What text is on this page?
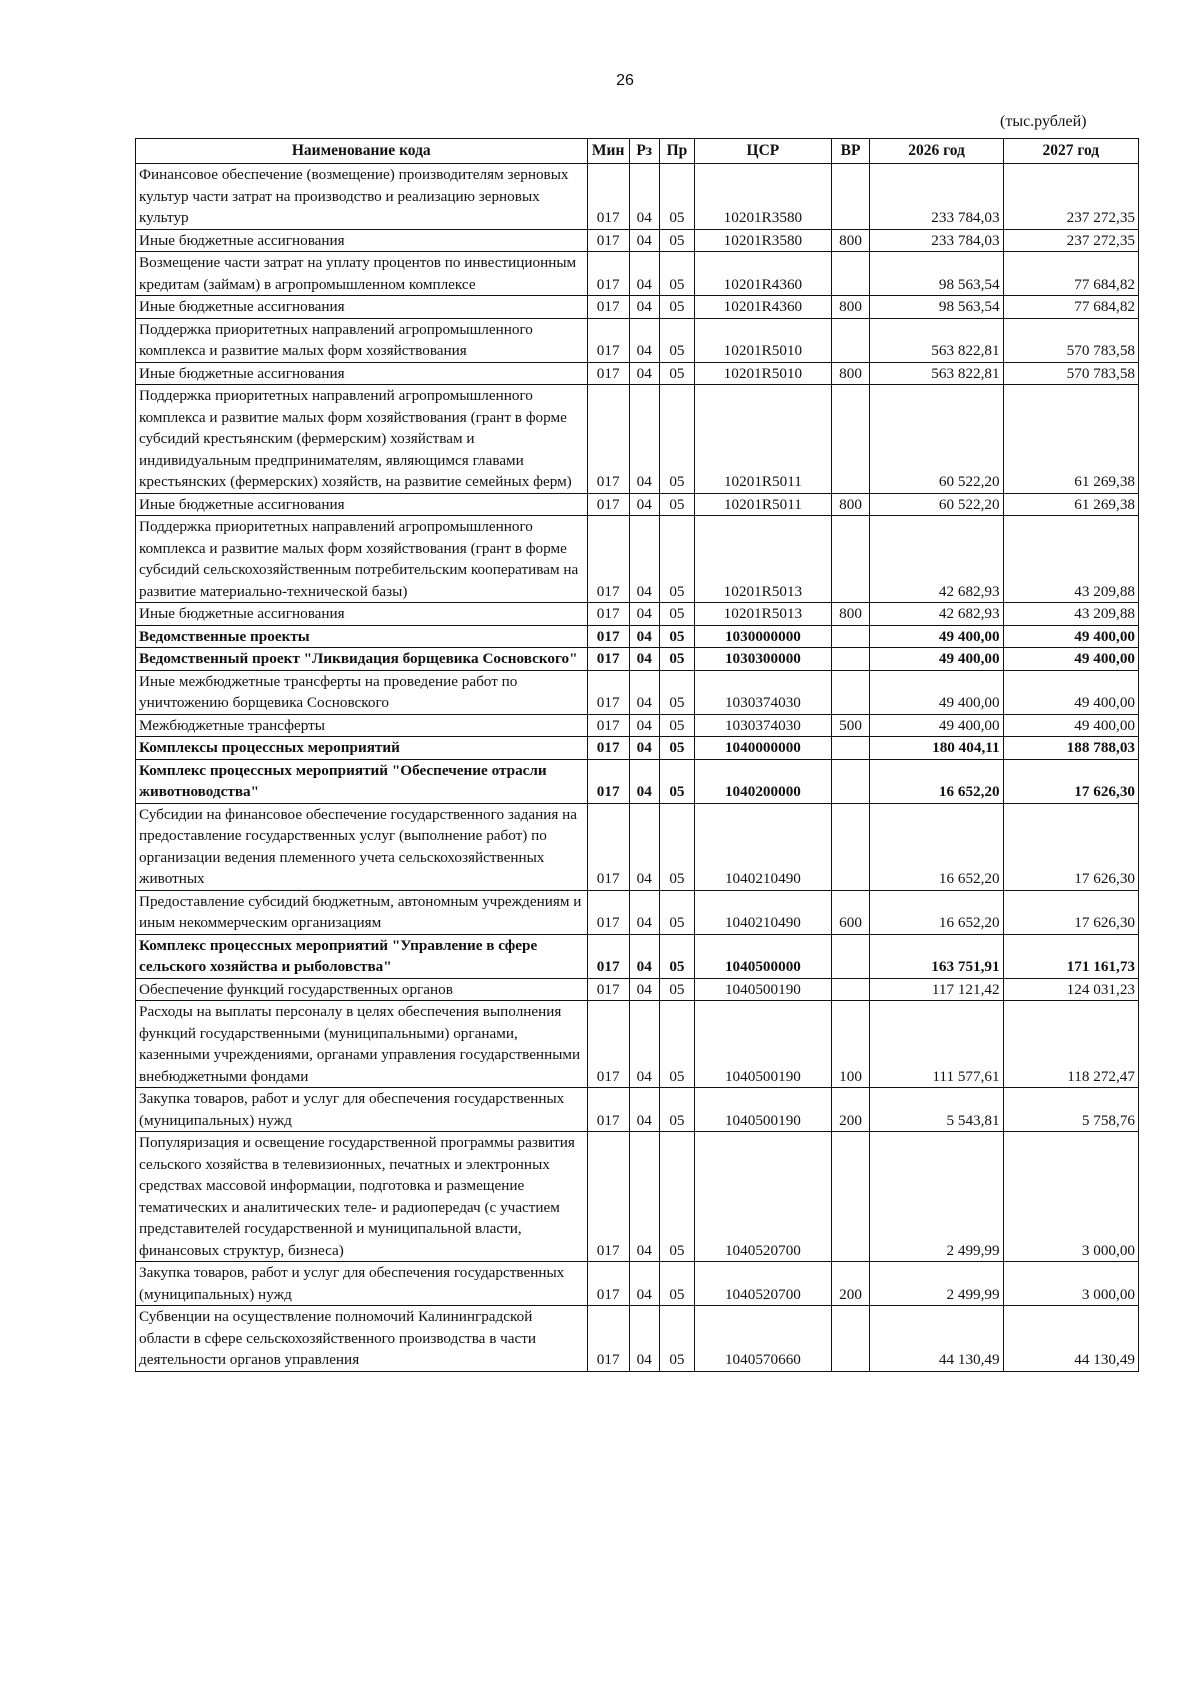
26
(тыс.рублей)
Наименование кода	Мин	Рз	Пр	ЦСР	ВР	2026 год	2027 год
Финансовое обеспечение (возмещение) производителям зерновых культур части затрат на производство и реализацию зерновых культур	017	04	05	10201R3580		233 784,03	237 272,35
Иные бюджетные ассигнования	017	04	05	10201R3580	800	233 784,03	237 272,35
Возмещение части затрат на уплату процентов по инвестиционным кредитам (займам) в агропромышленном комплексе	017	04	05	10201R4360		98 563,54	77 684,82
Иные бюджетные ассигнования	017	04	05	10201R4360	800	98 563,54	77 684,82
Поддержка приоритетных направлений агропромышленного комплекса и развитие малых форм хозяйствования	017	04	05	10201R5010		563 822,81	570 783,58
Иные бюджетные ассигнования	017	04	05	10201R5010	800	563 822,81	570 783,58
Поддержка приоритетных направлений агропромышленного комплекса и развитие малых форм хозяйствования (грант в форме субсидий крестьянским (фермерским) хозяйствам и индивидуальным предпринимателям, являющимся главами крестьянских (фермерских) хозяйств, на развитие семейных ферм)	017	04	05	10201R5011		60 522,20	61 269,38
Иные бюджетные ассигнования	017	04	05	10201R5011	800	60 522,20	61 269,38
Поддержка приоритетных направлений агропромышленного комплекса и развитие малых форм хозяйствования (грант в форме субсидий сельскохозяйственным потребительским кооперативам на развитие материально-технической базы)	017	04	05	10201R5013		42 682,93	43 209,88
Иные бюджетные ассигнования	017	04	05	10201R5013	800	42 682,93	43 209,88
Ведомственные проекты	017	04	05	1030000000		49 400,00	49 400,00
Ведомственный проект "Ликвидация борщевика Сосновского"	017	04	05	1030300000		49 400,00	49 400,00
Иные межбюджетные трансферты на проведение работ по уничтожению борщевика Сосновского	017	04	05	1030374030		49 400,00	49 400,00
Межбюджетные трансферты	017	04	05	1030374030	500	49 400,00	49 400,00
Комплексы процессных мероприятий	017	04	05	1040000000		180 404,11	188 788,03
Комплекс процессных мероприятий "Обеспечение отрасли животноводства"	017	04	05	1040200000		16 652,20	17 626,30
Субсидии на финансовое обеспечение государственного задания на предоставление государственных услуг (выполнение работ) по организации ведения племенного учета сельскохозяйственных животных	017	04	05	1040210490		16 652,20	17 626,30
Предоставление субсидий бюджетным, автономным учреждениям и иным некоммерческим организациям	017	04	05	1040210490	600	16 652,20	17 626,30
Комплекс процессных мероприятий "Управление в сфере сельского хозяйства и рыболовства"	017	04	05	1040500000		163 751,91	171 161,73
Обеспечение функций государственных органов	017	04	05	1040500190		117 121,42	124 031,23
Расходы на выплаты персоналу в целях обеспечения выполнения функций государственными (муниципальными) органами, казенными учреждениями, органами управления государственными внебюджетными фондами	017	04	05	1040500190	100	111 577,61	118 272,47
Закупка товаров, работ и услуг для обеспечения государственных (муниципальных) нужд	017	04	05	1040500190	200	5 543,81	5 758,76
Популяризация и освещение государственной программы развития сельского хозяйства в телевизионных, печатных и электронных средствах массовой информации, подготовка и размещение тематических и аналитических теле- и радиопередач (с участием представителей государственной и муниципальной власти, финансовых структур, бизнеса)	017	04	05	1040520700		2 499,99	3 000,00
Закупка товаров, работ и услуг для обеспечения государственных (муниципальных) нужд	017	04	05	1040520700	200	2 499,99	3 000,00
Субвенции на осуществление полномочий Калининградской области в сфере сельскохозяйственного производства в части деятельности органов управления	017	04	05	1040570660		44 130,49	44 130,49
